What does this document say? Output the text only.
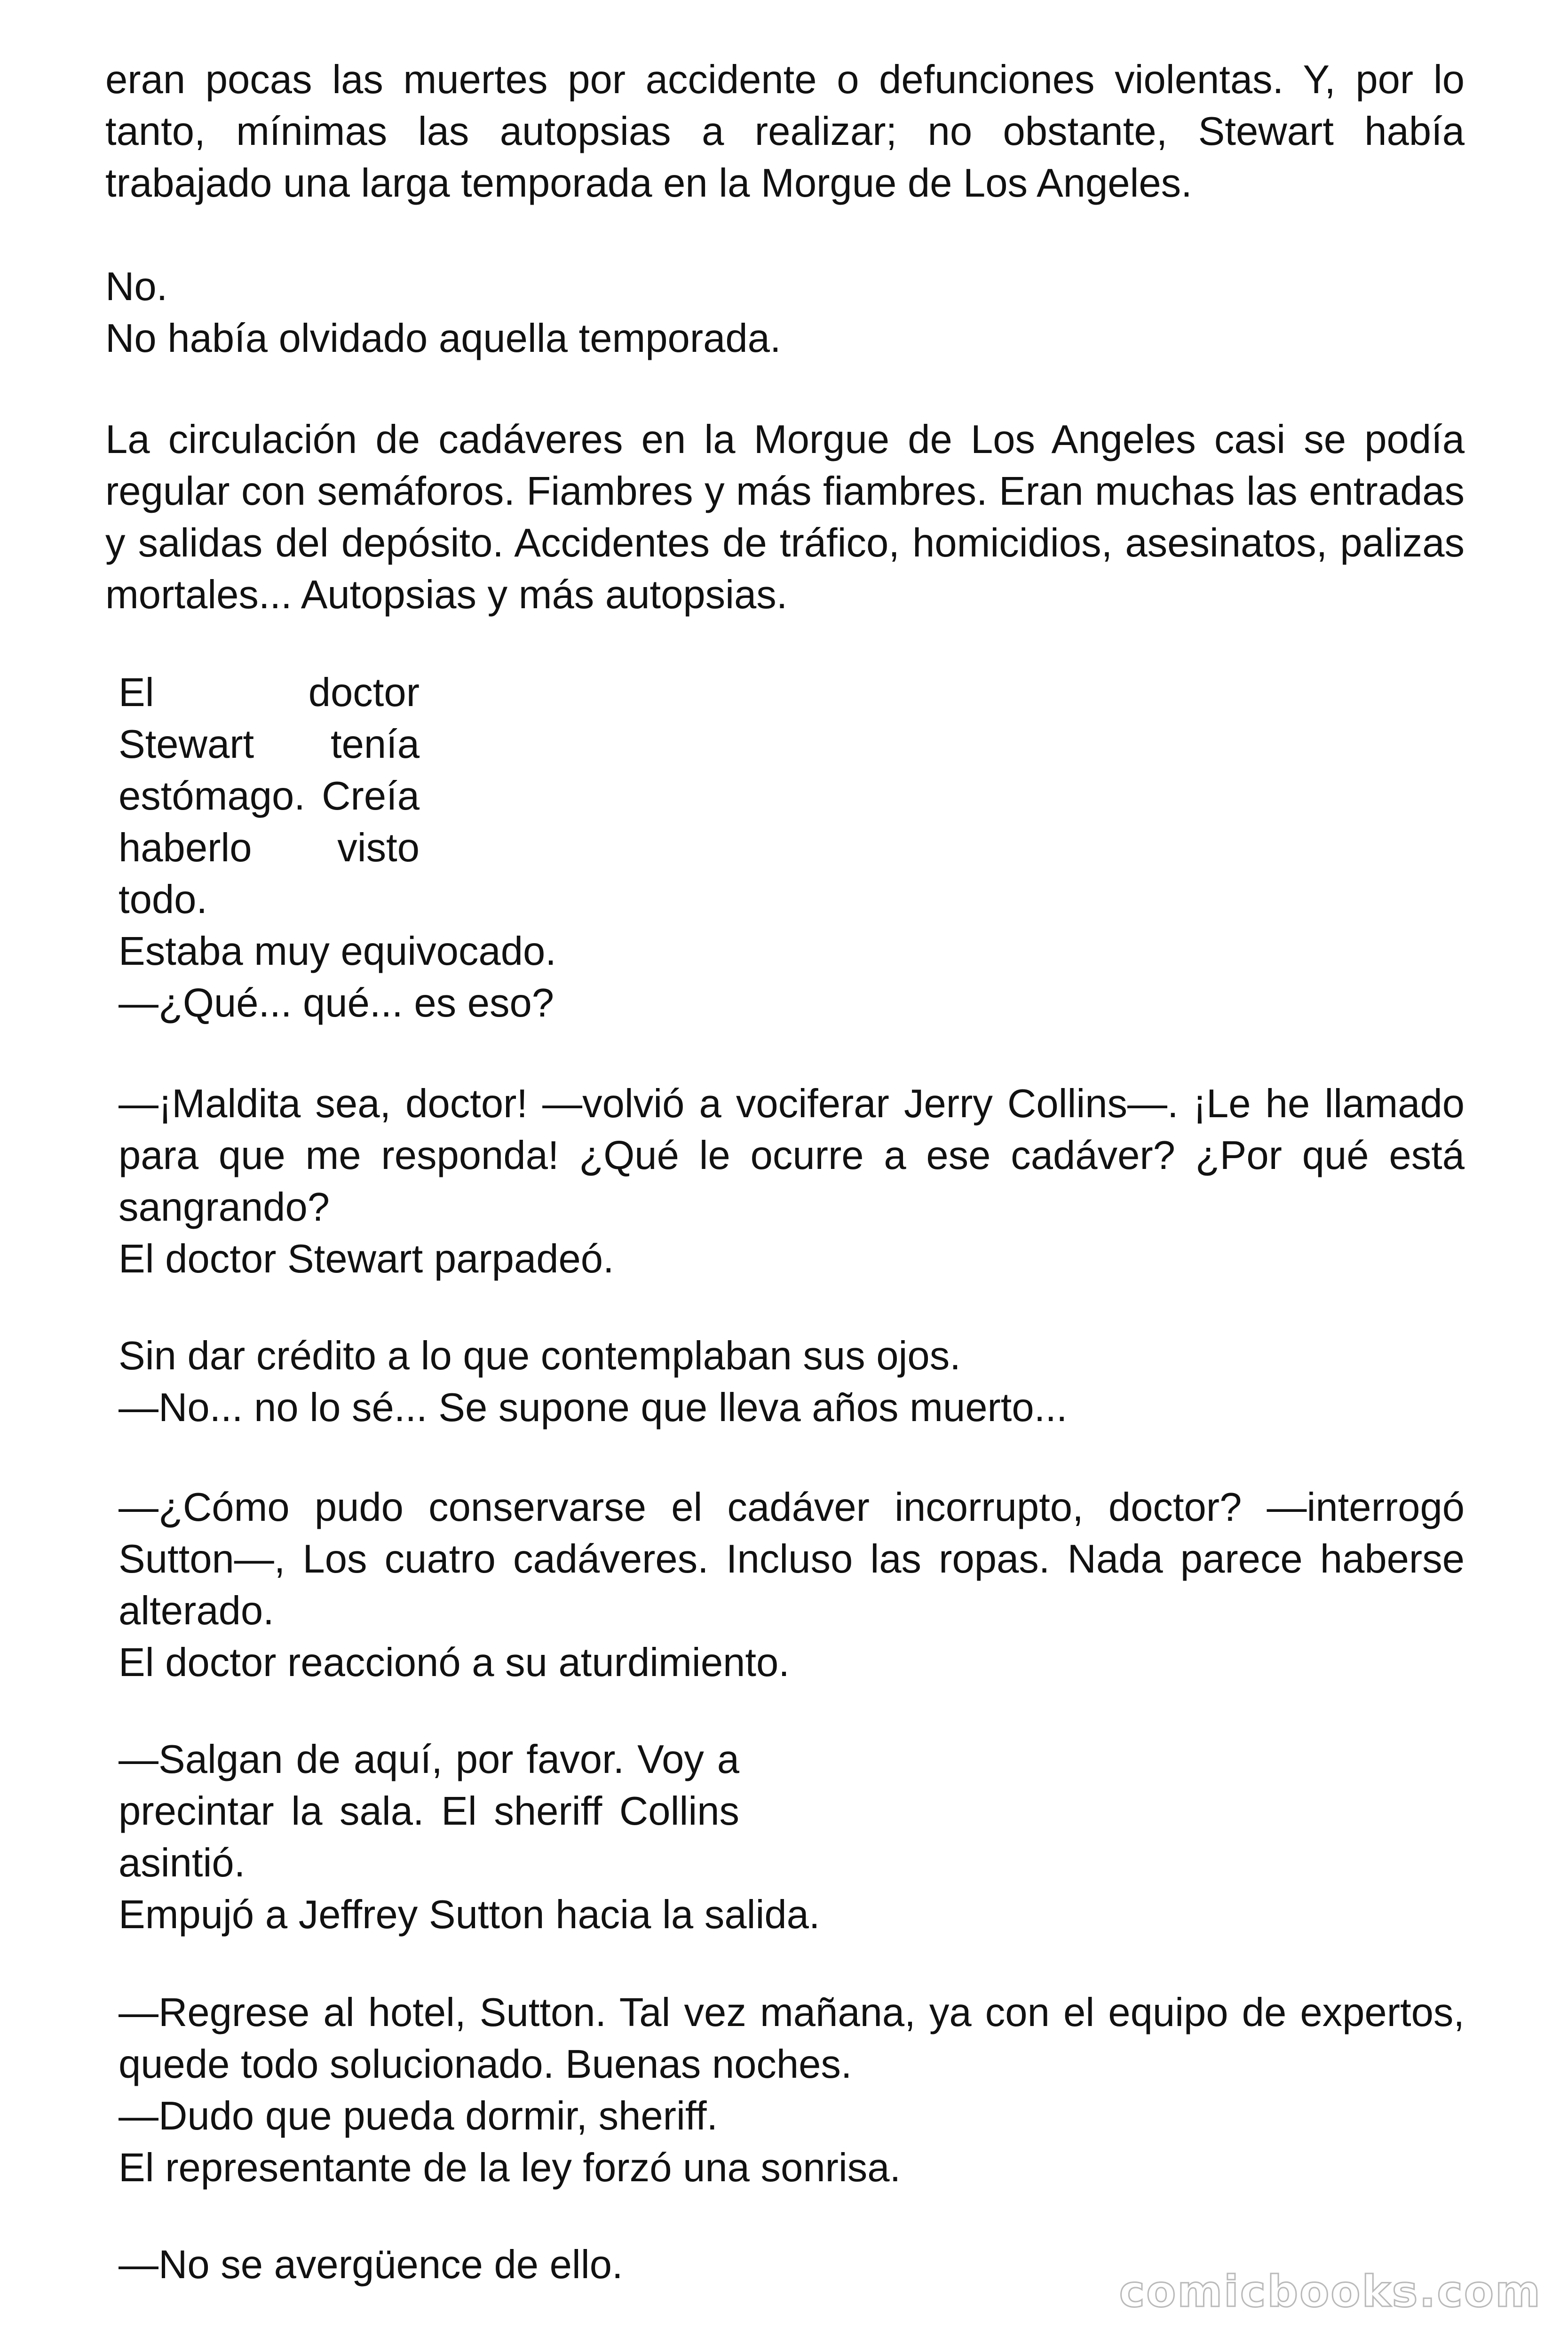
eran pocas las muertes por accidente o defunciones violentas. Y, por lo tanto, mínimas las autopsias a realizar; no obstante, Stewart había trabajado una larga temporada en la Morgue de Los Angeles.

No.
No había olvidado aquella temporada.

La circulación de cadáveres en la Morgue de Los Angeles casi se podía regular con semáforos. Fiambres y más fiambres. Eran muchas las entradas y salidas del depósito. Accidentes de tráfico, homicidios, asesinatos, palizas mortales... Autopsias y más autopsias.

El doctor Stewart tenía estómago. Creía haberlo visto todo.
Estaba muy equivocado.
—¿Qué... qué... es eso?
—¡Maldita sea, doctor! —volvió a vociferar Jerry Collins—. ¡Le he llamado para que me responda! ¿Qué le ocurre a ese cadáver? ¿Por qué está sangrando?
El doctor Stewart parpadeó.
Sin dar crédito a lo que contemplaban sus ojos.
—No... no lo sé... Se supone que lleva años muerto...
—¿Cómo pudo conservarse el cadáver incorrupto, doctor? —interrogó Sutton—, Los cuatro cadáveres. Incluso las ropas. Nada parece haberse alterado.
El doctor reaccionó a su aturdimiento.
—Salgan de aquí, por favor. Voy a precintar la sala. El sheriff Collins asintió.
Empujó a Jeffrey Sutton hacia la salida.
—Regrese al hotel, Sutton. Tal vez mañana, ya con el equipo de expertos, quede todo solucionado. Buenas noches.
—Dudo que pueda dormir, sheriff.
El representante de la ley forzó una sonrisa.

—No se avergüence de ello.

comicbooks.com
